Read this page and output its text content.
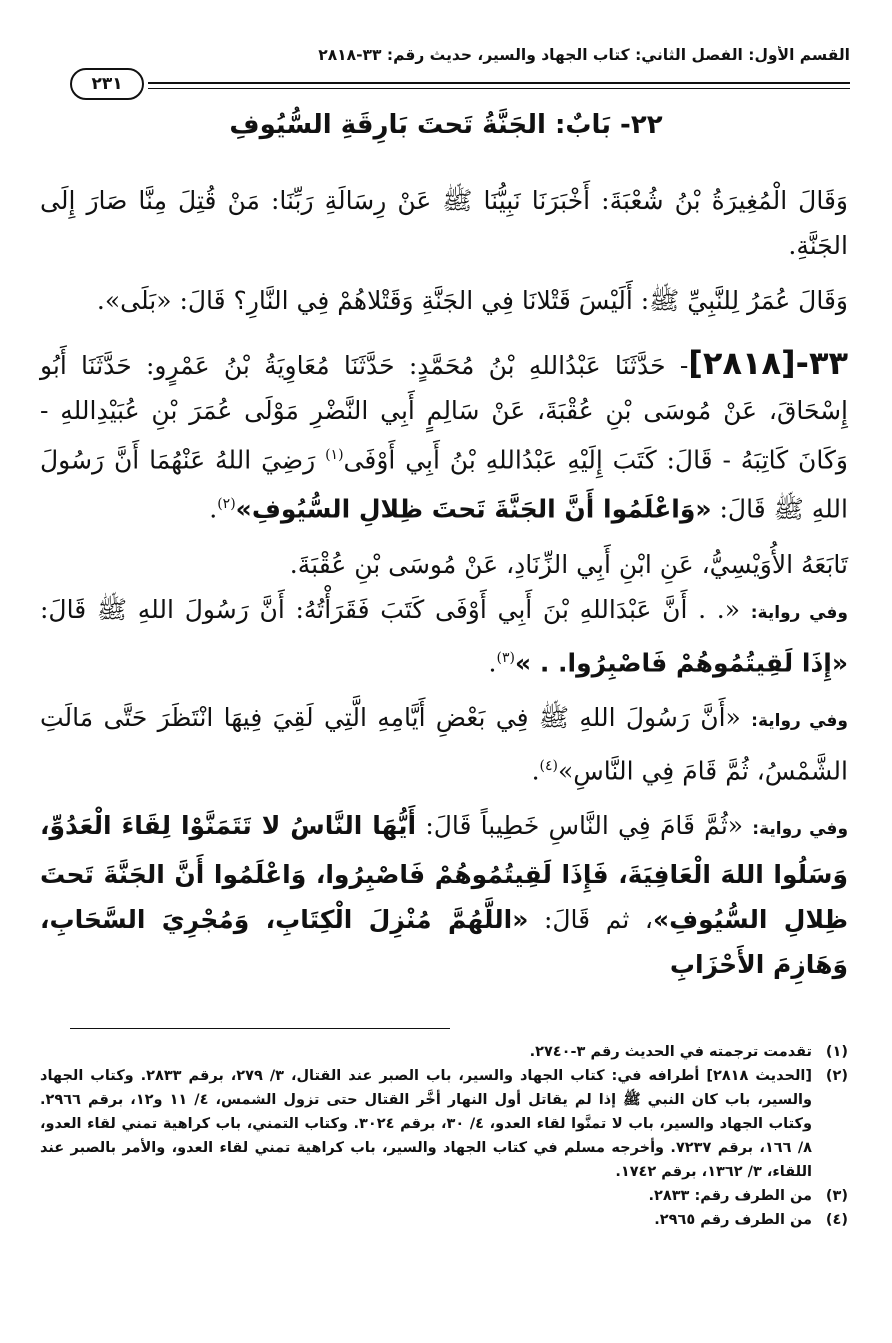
القسم الأول: الفصل الثاني: كتاب الجهاد والسير، حديث رقم: ٣٣-٢٨١٨
٢٣١
٢٢- بَابٌ: الجَنَّةُ تَحتَ بَارِقَةِ السُّيُوفِ

وَقَالَ الْمُغِيرَةُ بْنُ شُعْبَةَ: أَخْبَرَنَا نَبِيُّنَا ﷺ عَنْ رِسَالَةِ رَبِّنَا: مَنْ قُتِلَ مِنَّا صَارَ إِلَى الجَنَّةِ.

وَقَالَ عُمَرُ لِلنَّبِيِّ ﷺ: أَلَيْسَ قَتْلانَا فِي الجَنَّةِ وَقَتْلاهُمْ فِي النَّارِ؟ قَالَ: «بَلَى».

٣٣-[٢٨١٨]- حَدَّثَنَا عَبْدُاللهِ بْنُ مُحَمَّدٍ: حَدَّثَنَا مُعَاوِيَةُ بْنُ عَمْرٍو: حَدَّثَنَا أَبُو إِسْحَاقَ، عَنْ مُوسَى بْنِ عُقْبَةَ، عَنْ سَالِمٍ أَبِي النَّضْرِ مَوْلَى عُمَرَ بْنِ عُبَيْدِاللهِ - وَكَانَ كَاتِبَهُ - قَالَ: كَتَبَ إِلَيْهِ عَبْدُاللهِ بْنُ أَبِي أَوْفَى$^{(١)}$ رَضِيَ اللهُ عَنْهُمَا أَنَّ رَسُولَ اللهِ ﷺ قَالَ: «وَاعْلَمُوا أَنَّ الجَنَّةَ تَحتَ ظِلالِ السُّيُوفِ»$^{(٢)}$.

تَابَعَهُ الأُوَيْسِيُّ، عَنِ ابْنِ أَبِي الزِّنَادِ، عَنْ مُوسَى بْنِ عُقْبَةَ.

وفي رواية: «. . أَنَّ عَبْدَاللهِ بْنَ أَبِي أَوْفَى كَتَبَ فَقَرَأْتُهُ: أَنَّ رَسُولَ اللهِ ﷺ قَالَ: «إِذَا لَقِيتُمُوهُمْ فَاصْبِرُوا. . »$^{(٣)}$.

وفي رواية: «أَنَّ رَسُولَ اللهِ ﷺ فِي بَعْضِ أَيَّامِهِ الَّتِي لَقِيَ فِيهَا انْتَظَرَ حَتَّى مَالَتِ الشَّمْسُ، ثُمَّ قَامَ فِي النَّاسِ»$^{(٤)}$.

وفي رواية: «ثُمَّ قَامَ فِي النَّاسِ خَطِيباً قَالَ: أَيُّهَا النَّاسُ لا تَتَمَنَّوْا لِقَاءَ الْعَدُوِّ، وَسَلُوا اللهَ الْعَافِيَةَ، فَإِذَا لَقِيتُمُوهُمْ فَاصْبِرُوا، وَاعْلَمُوا أَنَّ الجَنَّةَ تَحتَ ظِلالِ السُّيُوفِ»، ثم قَالَ: «اللَّهُمَّ مُنْزِلَ الْكِتَابِ، وَمُجْرِيَ السَّحَابِ، وَهَازِمَ الأَحْزَابِ

(١)
تقدمت ترجمته في الحديث رقم ٣-٢٧٤٠.
(٢)
[الحديث ٢٨١٨] أطرافه في: كتاب الجهاد والسير، باب الصبر عند القتال، ٣/ ٢٧٩، برقم ٢٨٣٣. وكتاب الجهاد والسير، باب كان النبي ﷺ إذا لم يقاتل أول النهار أخَّر القتال حتى تزول الشمس، ٤/ ١١ و١٢، برقم ٢٩٦٦. وكتاب الجهاد والسير، باب لا تمنَّوا لقاء العدو، ٤/ ٣٠، برقم ٣٠٢٤. وكتاب التمني، باب كراهية تمني لقاء العدو، ٨/ ١٦٦، برقم ٧٢٣٧. وأخرجه مسلم في كتاب الجهاد والسير، باب كراهية تمني لقاء العدو، والأمر بالصبر عند اللقاء، ٣/ ١٣٦٢، برقم ١٧٤٢.
(٣)
من الطرف رقم: ٢٨٣٣.
(٤)
من الطرف رقم ٢٩٦٥.
